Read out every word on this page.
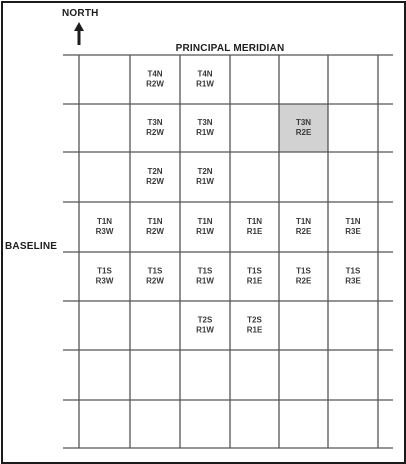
T4N
R2W
T4N
R1W
T3N
R2W
T3N
R1W
T3N
R2E
T2N
R2W
T2N
R1W
T1N
R3W
T1N
R2W
T1N
R1W
T1N
R1E
T1N
R2E
T1N
R3E
T1S
R3W
T1S
R2W
T1S
R1W
T1S
R1E
T1S
R2E
T1S
R3E
T2S
R1W
T2S
R1E
NORTH
PRINCIPAL MERIDIAN
BASELINE
